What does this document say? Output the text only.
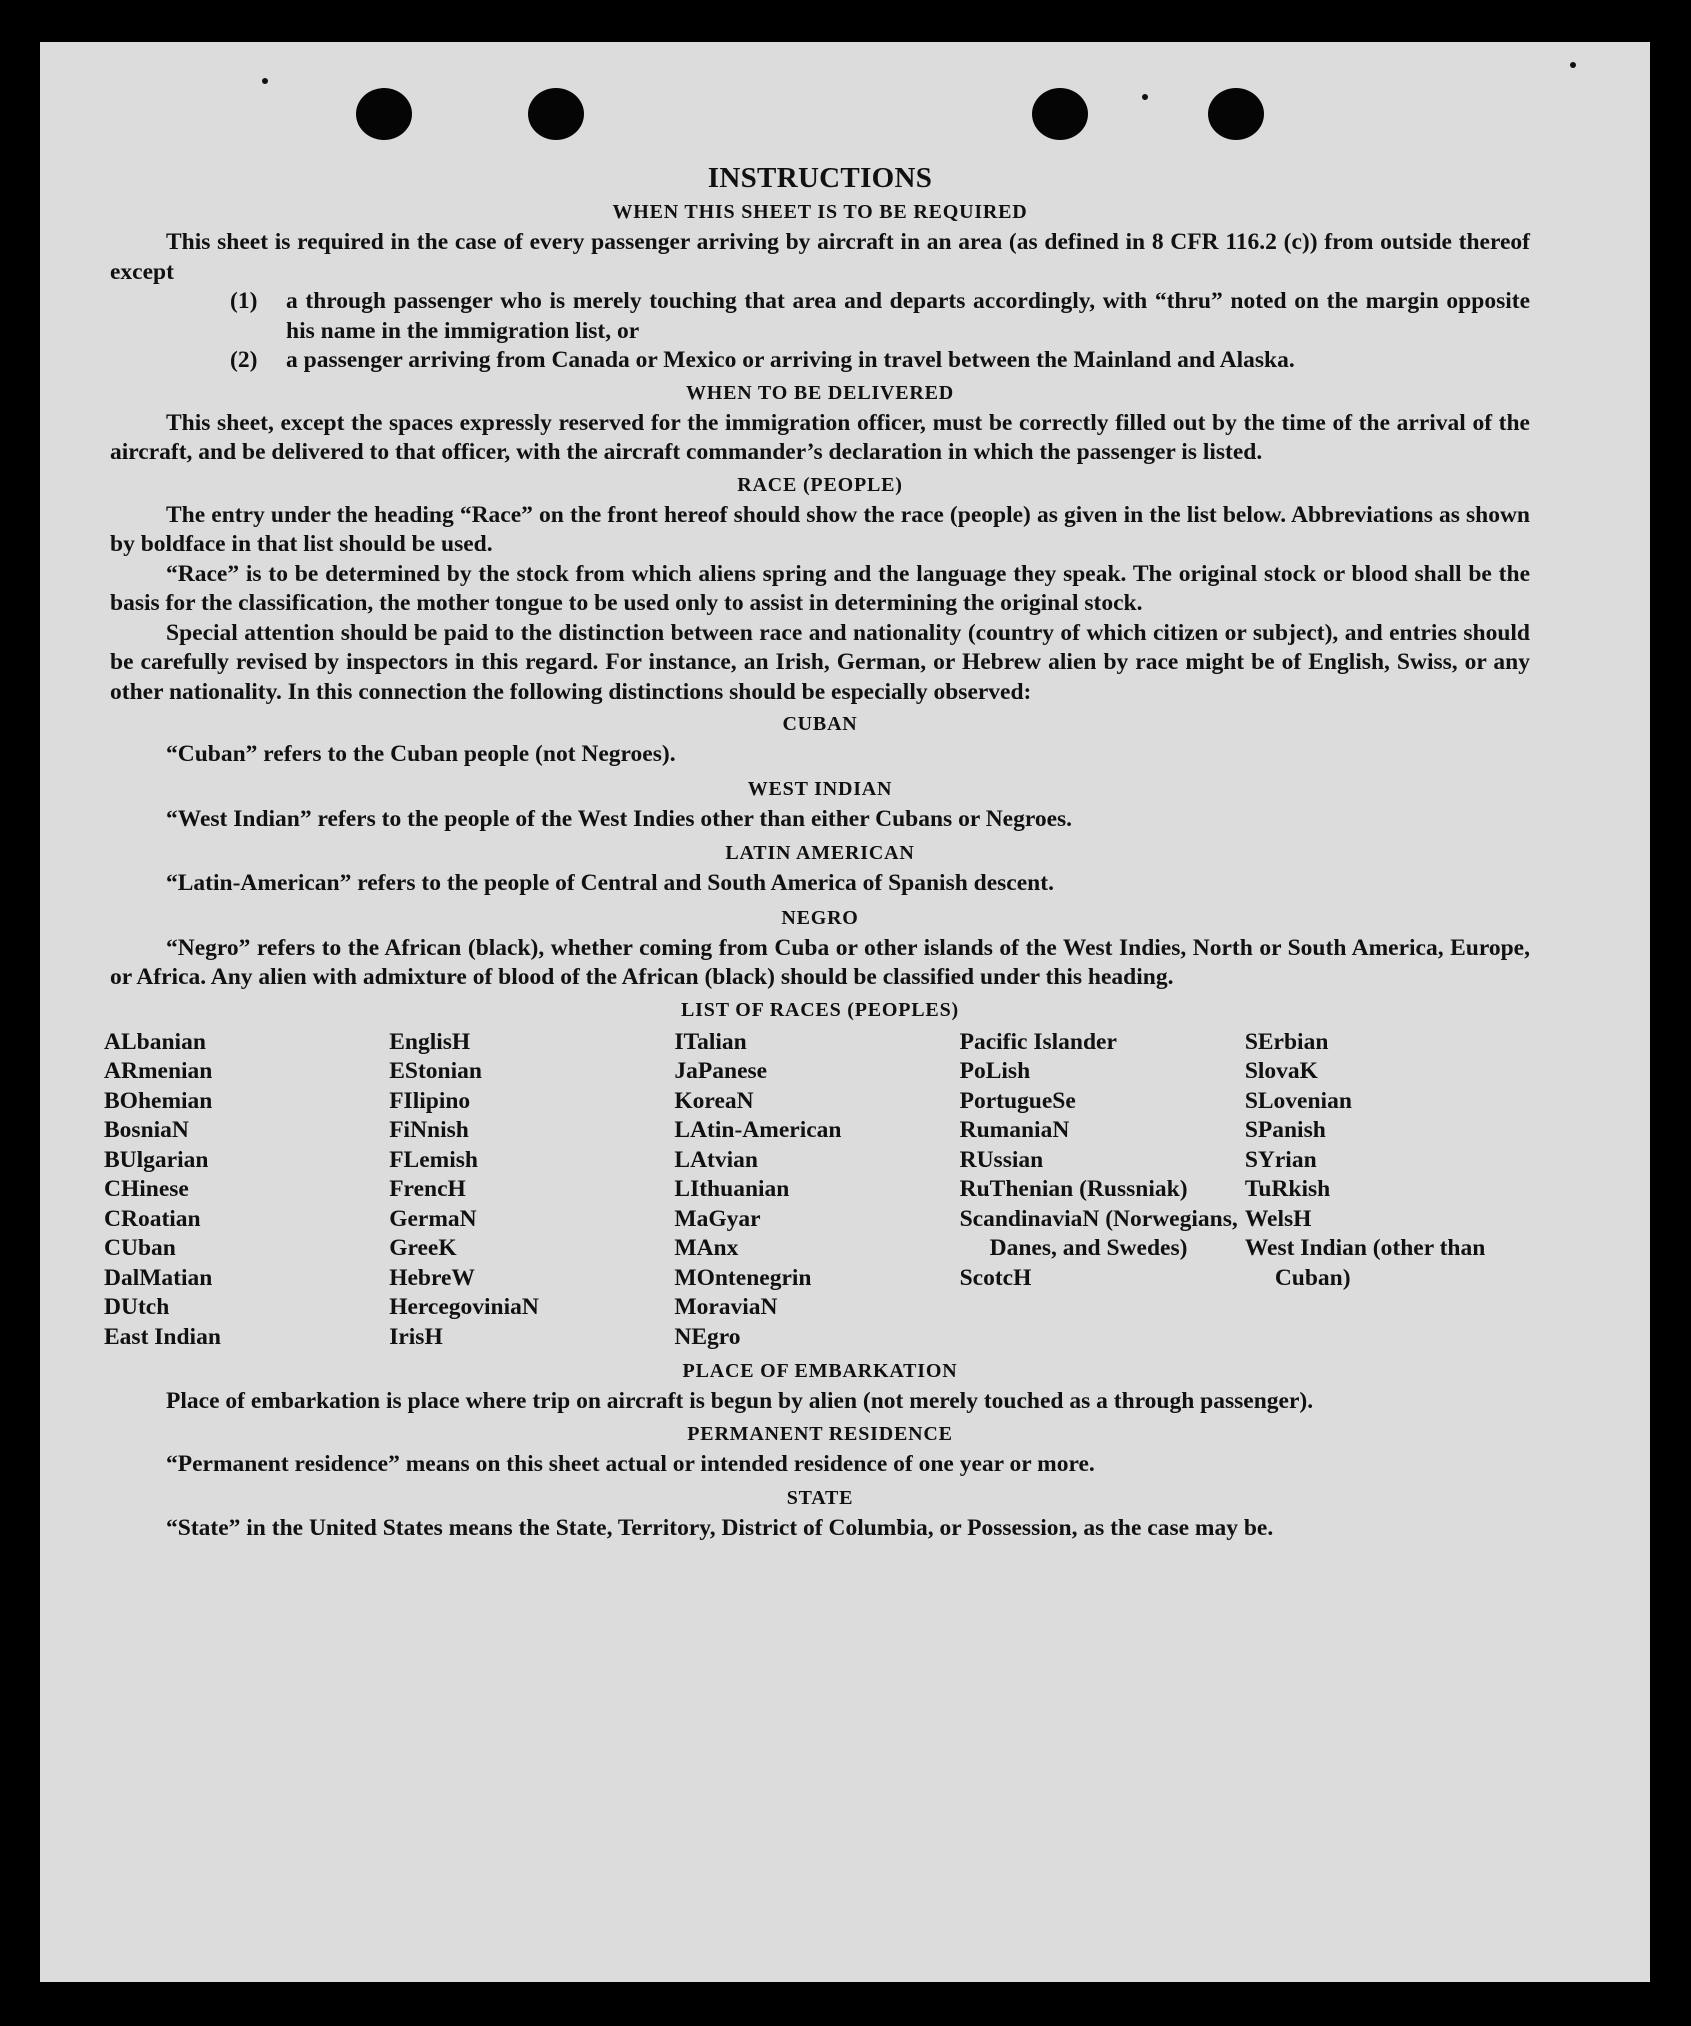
INSTRUCTIONS
WHEN THIS SHEET IS TO BE REQUIRED

This sheet is required in the case of every passenger arriving by aircraft in an area (as defined in 8 CFR 116.2 (c)) from outside thereof except

(1)	a through passenger who is merely touching that area and departs accordingly, with “thru” noted on the margin opposite his name in the immigration list, or
(2)	a passenger arriving from Canada or Mexico or arriving in travel between the Mainland and Alaska.
WHEN TO BE DELIVERED

This sheet, except the spaces expressly reserved for the immigration officer, must be correctly filled out by the time of the arrival of the aircraft, and be delivered to that officer, with the aircraft commander’s declaration in which the passenger is listed.

RACE (PEOPLE)

The entry under the heading “Race” on the front hereof should show the race (people) as given in the list below. Abbreviations as shown by boldface in that list should be used.

“Race” is to be determined by the stock from which aliens spring and the language they speak. The original stock or blood shall be the basis for the classification, the mother tongue to be used only to assist in determining the original stock.

Special attention should be paid to the distinction between race and nationality (country of which citizen or subject), and entries should be carefully revised by inspectors in this regard. For instance, an Irish, German, or Hebrew alien by race might be of English, Swiss, or any other nationality. In this connection the following distinctions should be especially observed:

CUBAN
“Cuban” refers to the Cuban people (not Negroes).
WEST INDIAN
“West Indian” refers to the people of the West Indies other than either Cubans or Negroes.
LATIN AMERICAN
“Latin-American” refers to the people of Central and South America of Spanish descent.
NEGRO

“Negro” refers to the African (black), whether coming from Cuba or other islands of the West Indies, North or South America, Europe, or Africa. Any alien with admixture of blood of the African (black) should be classified under this heading.

LIST OF RACES (PEOPLES)
ALbanian
ARmenian
BOhemian
BosniaN
BUlgarian
CHinese
CRoatian
CUban
DalMatian
DUtch
East Indian
EnglisH
EStonian
FIlipino
FiNnish
FLemish
FrencH
GermaN
GreeK
HebreW
HercegoviniaN
IrisH
ITalian
JaPanese
KoreaN
LAtin-American
LAtvian
LIthuanian
MaGyar
MAnx
MOntenegrin
MoraviaN
NEgro
Pacific Islander
PoLish
PortugueSe
RumaniaN
RUssian
RuThenian (Russniak)
ScandinaviaN (Norwegians, Danes, and Swedes)
ScotcH
SErbian
SlovaK
SLovenian
SPanish
SYrian
TuRkish
WelsH
West Indian (other than Cuban)
PLACE OF EMBARKATION

Place of embarkation is place where trip on aircraft is begun by alien (not merely touched as a through passenger).

PERMANENT RESIDENCE
“Permanent residence” means on this sheet actual or intended residence of one year or more.
STATE

“State” in the United States means the State, Territory, District of Columbia, or Possession, as the case may be.
